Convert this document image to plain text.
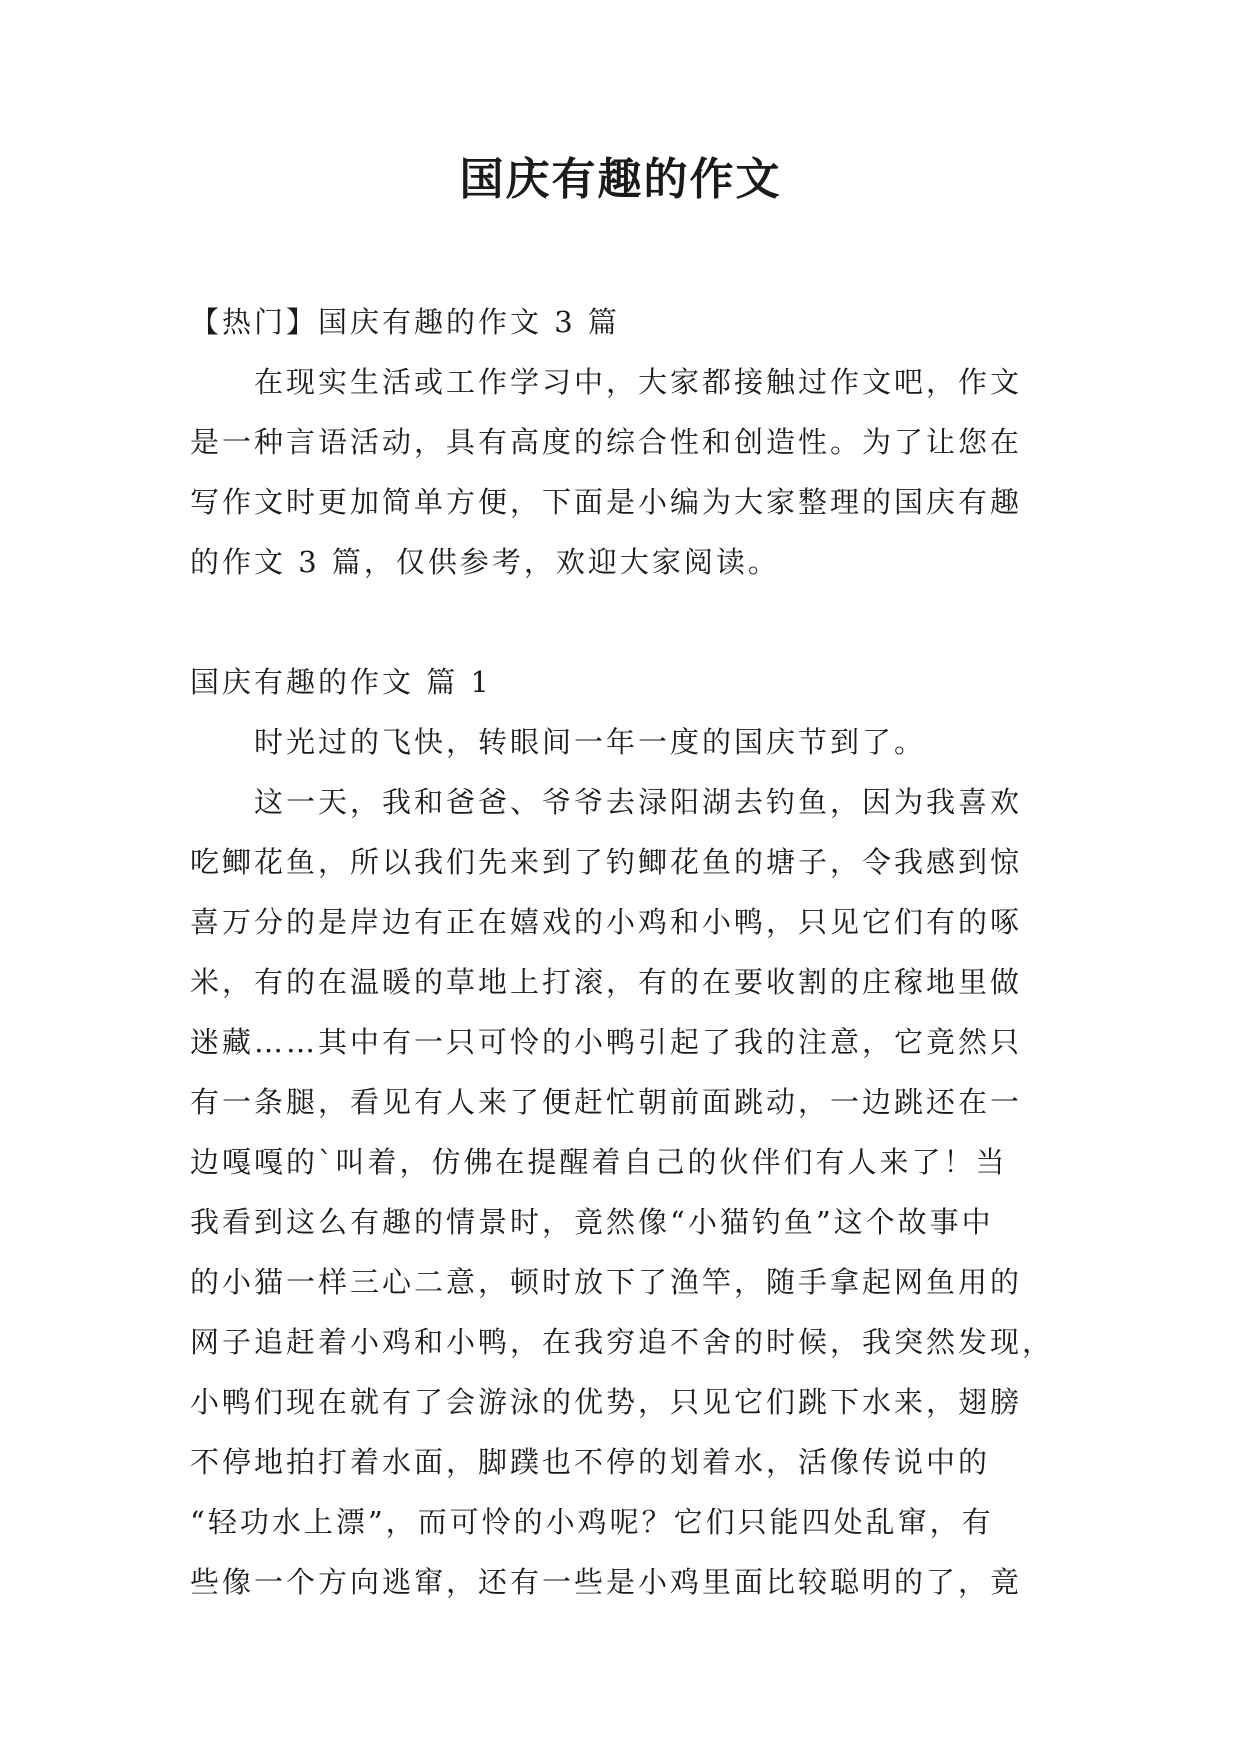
国庆有趣的作文

【热门】国庆有趣的作文 3 篇

　　在现实生活或工作学习中，大家都接触过作文吧，作文

是一种言语活动，具有高度的综合性和创造性。为了让您在

写作文时更加简单方便，下面是小编为大家整理的国庆有趣

的作文 3 篇，仅供参考，欢迎大家阅读。

国庆有趣的作文 篇 1

　　时光过的飞快，转眼间一年一度的国庆节到了。

　　这一天，我和爸爸、爷爷去渌阳湖去钓鱼，因为我喜欢

吃鲫花鱼，所以我们先来到了钓鲫花鱼的塘子，令我感到惊

喜万分的是岸边有正在嬉戏的小鸡和小鸭，只见它们有的啄

米，有的在温暖的草地上打滚，有的在要收割的庄稼地里做

迷藏……其中有一只可怜的小鸭引起了我的注意，它竟然只

有一条腿，看见有人来了便赶忙朝前面跳动，一边跳还在一

边嘎嘎的`叫着，仿佛在提醒着自己的伙伴们有人来了！当

我看到这么有趣的情景时，竟然像“小猫钓鱼”这个故事中

的小猫一样三心二意，顿时放下了渔竿，随手拿起网鱼用的

网子追赶着小鸡和小鸭，在我穷追不舍的时候，我突然发现，

小鸭们现在就有了会游泳的优势，只见它们跳下水来，翅膀

不停地拍打着水面，脚蹼也不停的划着水，活像传说中的

“轻功水上漂”，而可怜的小鸡呢？它们只能四处乱窜，有

些像一个方向逃窜，还有一些是小鸡里面比较聪明的了，竟
